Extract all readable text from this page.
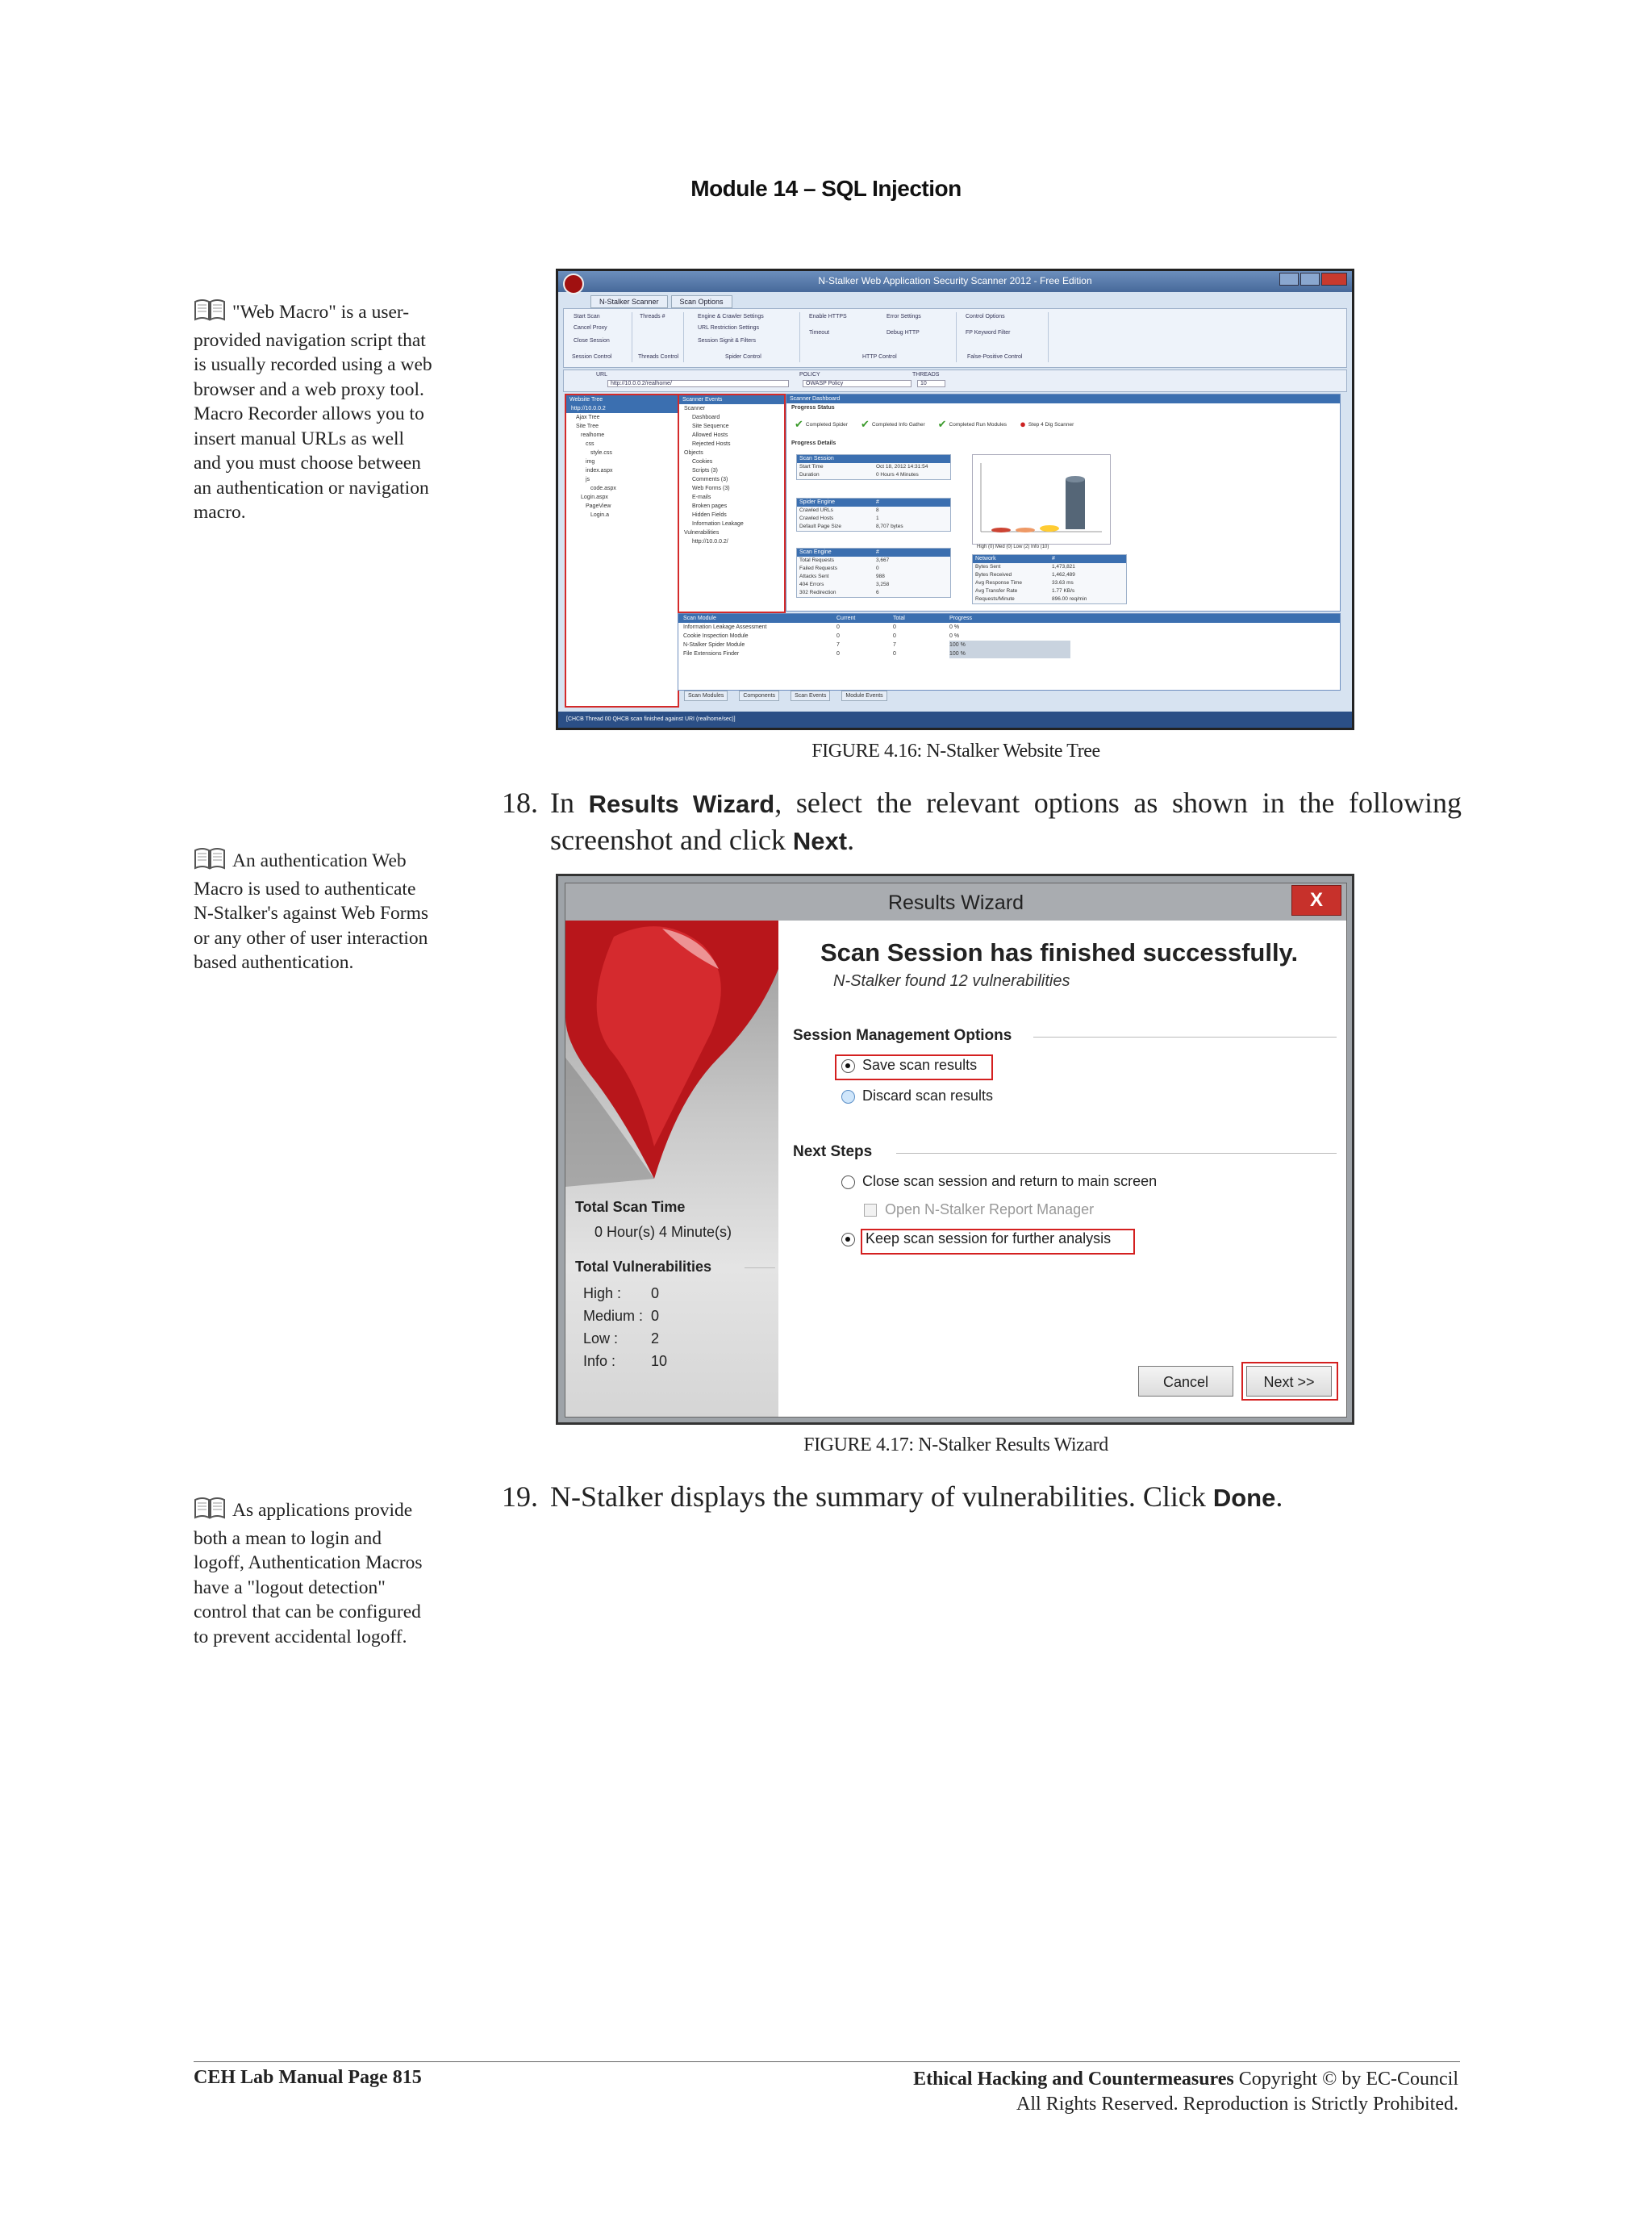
Module 14 – SQL Injection
"Web Macro" is a user-provided navigation script that is usually recorded using a web browser and a web proxy tool. Macro Recorder allows you to insert manual URLs as well and you must choose between an authentication or navigation macro.
An authentication Web Macro is used to authenticate N-Stalker's against Web Forms or any other of user interaction based authentication.
As applications provide both a mean to login and logoff, Authentication Macros have a "logout detection" control that can be configured to prevent accidental logoff.
N-Stalker Web Application Security Scanner 2012 - Free Edition
N-Stalker Scanner	Scan Options
Start Scan
Cancel Proxy
Close Session
Threads #	Engine & Crawler Settings
URL Restriction Settings
Session Signit & Filters
Enable HTTPS
Timeout
Error Settings
Debug HTTP
Control Options
FP Keyword Filter
Session Control	Threads Control	Spider Control	HTTP Control	False-Positive Control
URL
http://10.0.0.2/realhome/
POLICY
OWASP Policy
THREADS
10
Website Tree
http://10.0.0.2
Ajax Tree
Site Tree
realhome
css
style.css
img
index.aspx
js
code.aspx
Login.aspx
PageView
Login.a
Scanner Events
Scanner
Dashboard
Site Sequence
Allowed Hosts
Rejected Hosts
Objects
Cookies
Scripts (3)
Comments (3)
Web Forms (3)
E-mails
Broken pages
Hidden Fields
Information Leakage
Vulnerabilities
http://10.0.0.2/
Scanner Dashboard
Progress Status
✔ Completed Spider ✔ Completed Info Gather ✔ Completed Run Modules ● Step 4 Dig Scanner
Progress Details
Scan Session
Start Time	Oct 18, 2012 14:31:54
Duration	0 Hours 4 Minutes
Spider Engine	#
Crawled URLs	8
Crawled Hosts	1
Default Page Size	8,707 bytes
Scan Engine	#
Total Requests	3,667
Failed Requests	0
Attacks Sent	988
404 Errors	3,258
302 Redirection	6
High (0) Med (0) Low (2) Info (10)
Network	#
Bytes Sent	1,473,821
Bytes Received	1,462,489
Avg Response Time	33.63 ms
Avg Transfer Rate	1.77 KB/s
Requests/Minute	896.00 req/min
Scan Module	Current	Total	Progress
Information Leakage Assessment	0	0	0 %
Cookie Inspection Module	0	0	0 %
N-Stalker Spider Module	7	7	100 %
File Extensions Finder	0	0	100 %
Scan Modules	Components	Scan Events	Module Events
[CHCB Thread 00 QHCB scan finished against URI (realhome/sec)]
FIGURE 4.16: N-Stalker Website Tree
18. In Results Wizard, select the relevant options as shown in the following screenshot and click Next.
Results Wizard	X
Total Scan Time
0 Hour(s) 4 Minute(s)
Total Vulnerabilities
High : 0
Medium : 0
Low : 2
Info : 10
Scan Session has finished successfully.
N-Stalker found 12 vulnerabilities
Session Management Options
Save scan results
Discard scan results
Next Steps
Close scan session and return to main screen
Open N-Stalker Report Manager
Keep scan session for further analysis
Cancel	Next >>
FIGURE 4.17: N-Stalker Results Wizard
19. N-Stalker displays the summary of vulnerabilities. Click Done.
CEH Lab Manual Page 815	Ethical Hacking and Countermeasures Copyright © by EC-Council
All Rights Reserved. Reproduction is Strictly Prohibited.
